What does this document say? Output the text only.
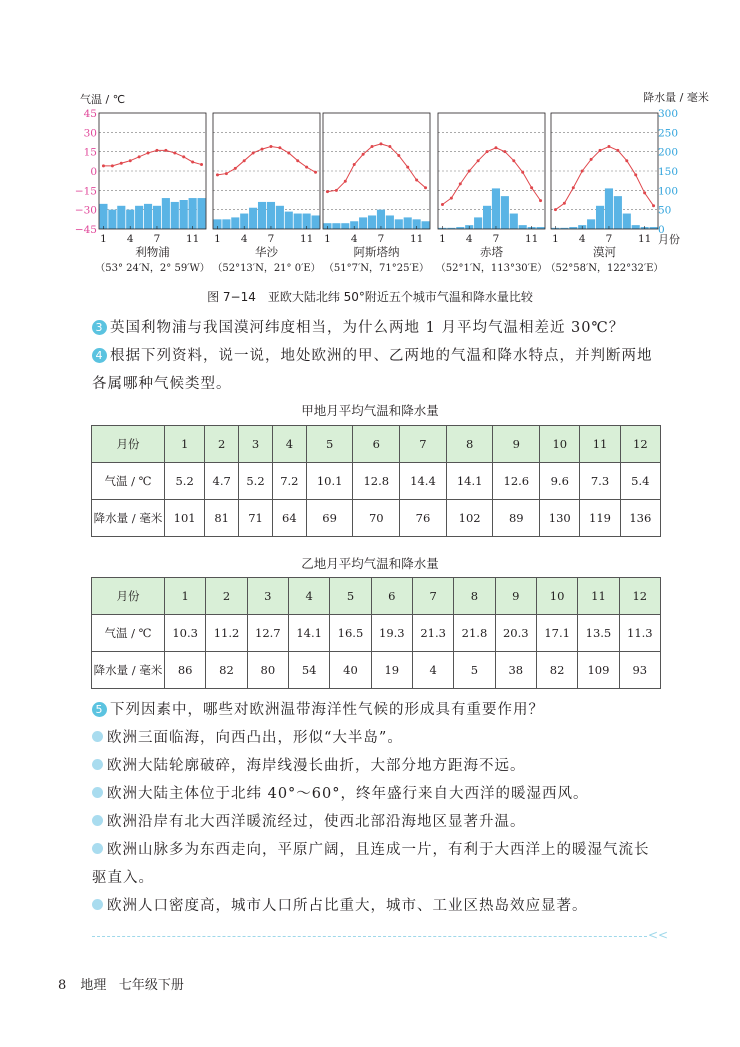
气温 / ℃	降水量 / 毫米
45
30
15
0
−15
−30
−45
300
250
200
150
100
50
0
1 4 7 11
利物浦
（53° 24′N，2° 59′W）
1 4 7 11
华沙
（52°13′N，21° 0′E）
1 4 7 11
阿斯塔纳
（51°7′N，71°25′E）
1 4 7 11
赤塔
（52°1′N，113°30′E）
1 4 7 11
漠河
（52°58′N，122°32′E）
月份
图 7−14　亚欧大陆北纬 50°附近五个城市气温和降水量比较
3 英国利物浦与我国漠河纬度相当，为什么两地 1 月平均气温相差近 30℃？
4 根据下列资料，说一说，地处欧洲的甲、乙两地的气温和降水特点，并判断两地各属哪种气候类型。
甲地月平均气温和降水量
月份	1	2	3	4	5	6	7	8	9	10	11	12
气温 / ℃	5.2	4.7	5.2	7.2	10.1	12.8	14.4	14.1	12.6	9.6	7.3	5.4
降水量 / 毫米	101	81	71	64	69	70	76	102	89	130	119	136
乙地月平均气温和降水量
月份	1	2	3	4	5	6	7	8	9	10	11	12
气温 / ℃	10.3	11.2	12.7	14.1	16.5	19.3	21.3	21.8	20.3	17.1	13.5	11.3
降水量 / 毫米	86	82	80	54	40	19	4	5	38	82	109	93
5 下列因素中，哪些对欧洲温带海洋性气候的形成具有重要作用？
欧洲三面临海，向西凸出，形似“大半岛”。
欧洲大陆轮廓破碎，海岸线漫长曲折，大部分地方距海不远。
欧洲大陆主体位于北纬 40°～60°，终年盛行来自大西洋的暖湿西风。
欧洲沿岸有北大西洋暖流经过，使西北部沿海地区显著升温。
欧洲山脉多为东西走向，平原广阔，且连成一片，有利于大西洋上的暖湿气流长驱直入。
欧洲人口密度高，城市人口所占比重大，城市、工业区热岛效应显著。
<<
8 地理 七年级下册
